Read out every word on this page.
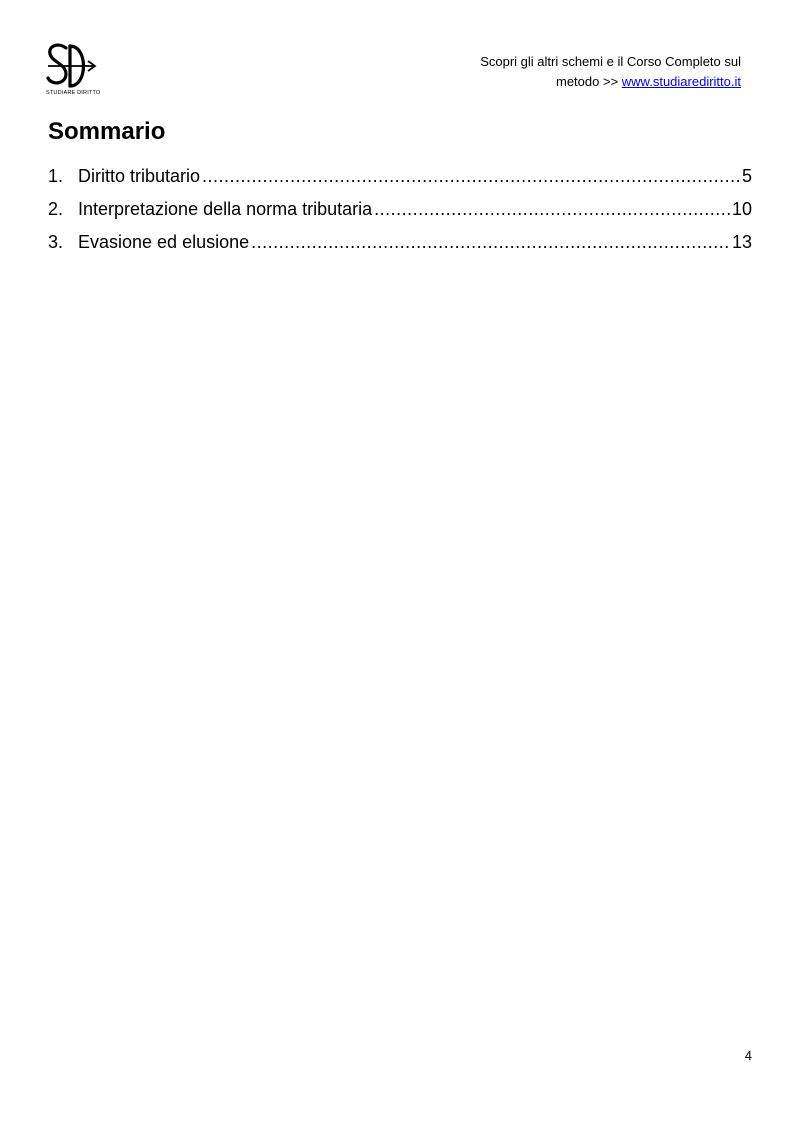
STUDIARE DIRITTO
Scopri gli altri schemi e il Corso Completo sul
metodo >> www.studiarediritto.it
Sommario
1. Diritto tributario .....	5
2. Interpretazione della norma tributaria .....	10
3. Evasione ed elusione .....	13
4
